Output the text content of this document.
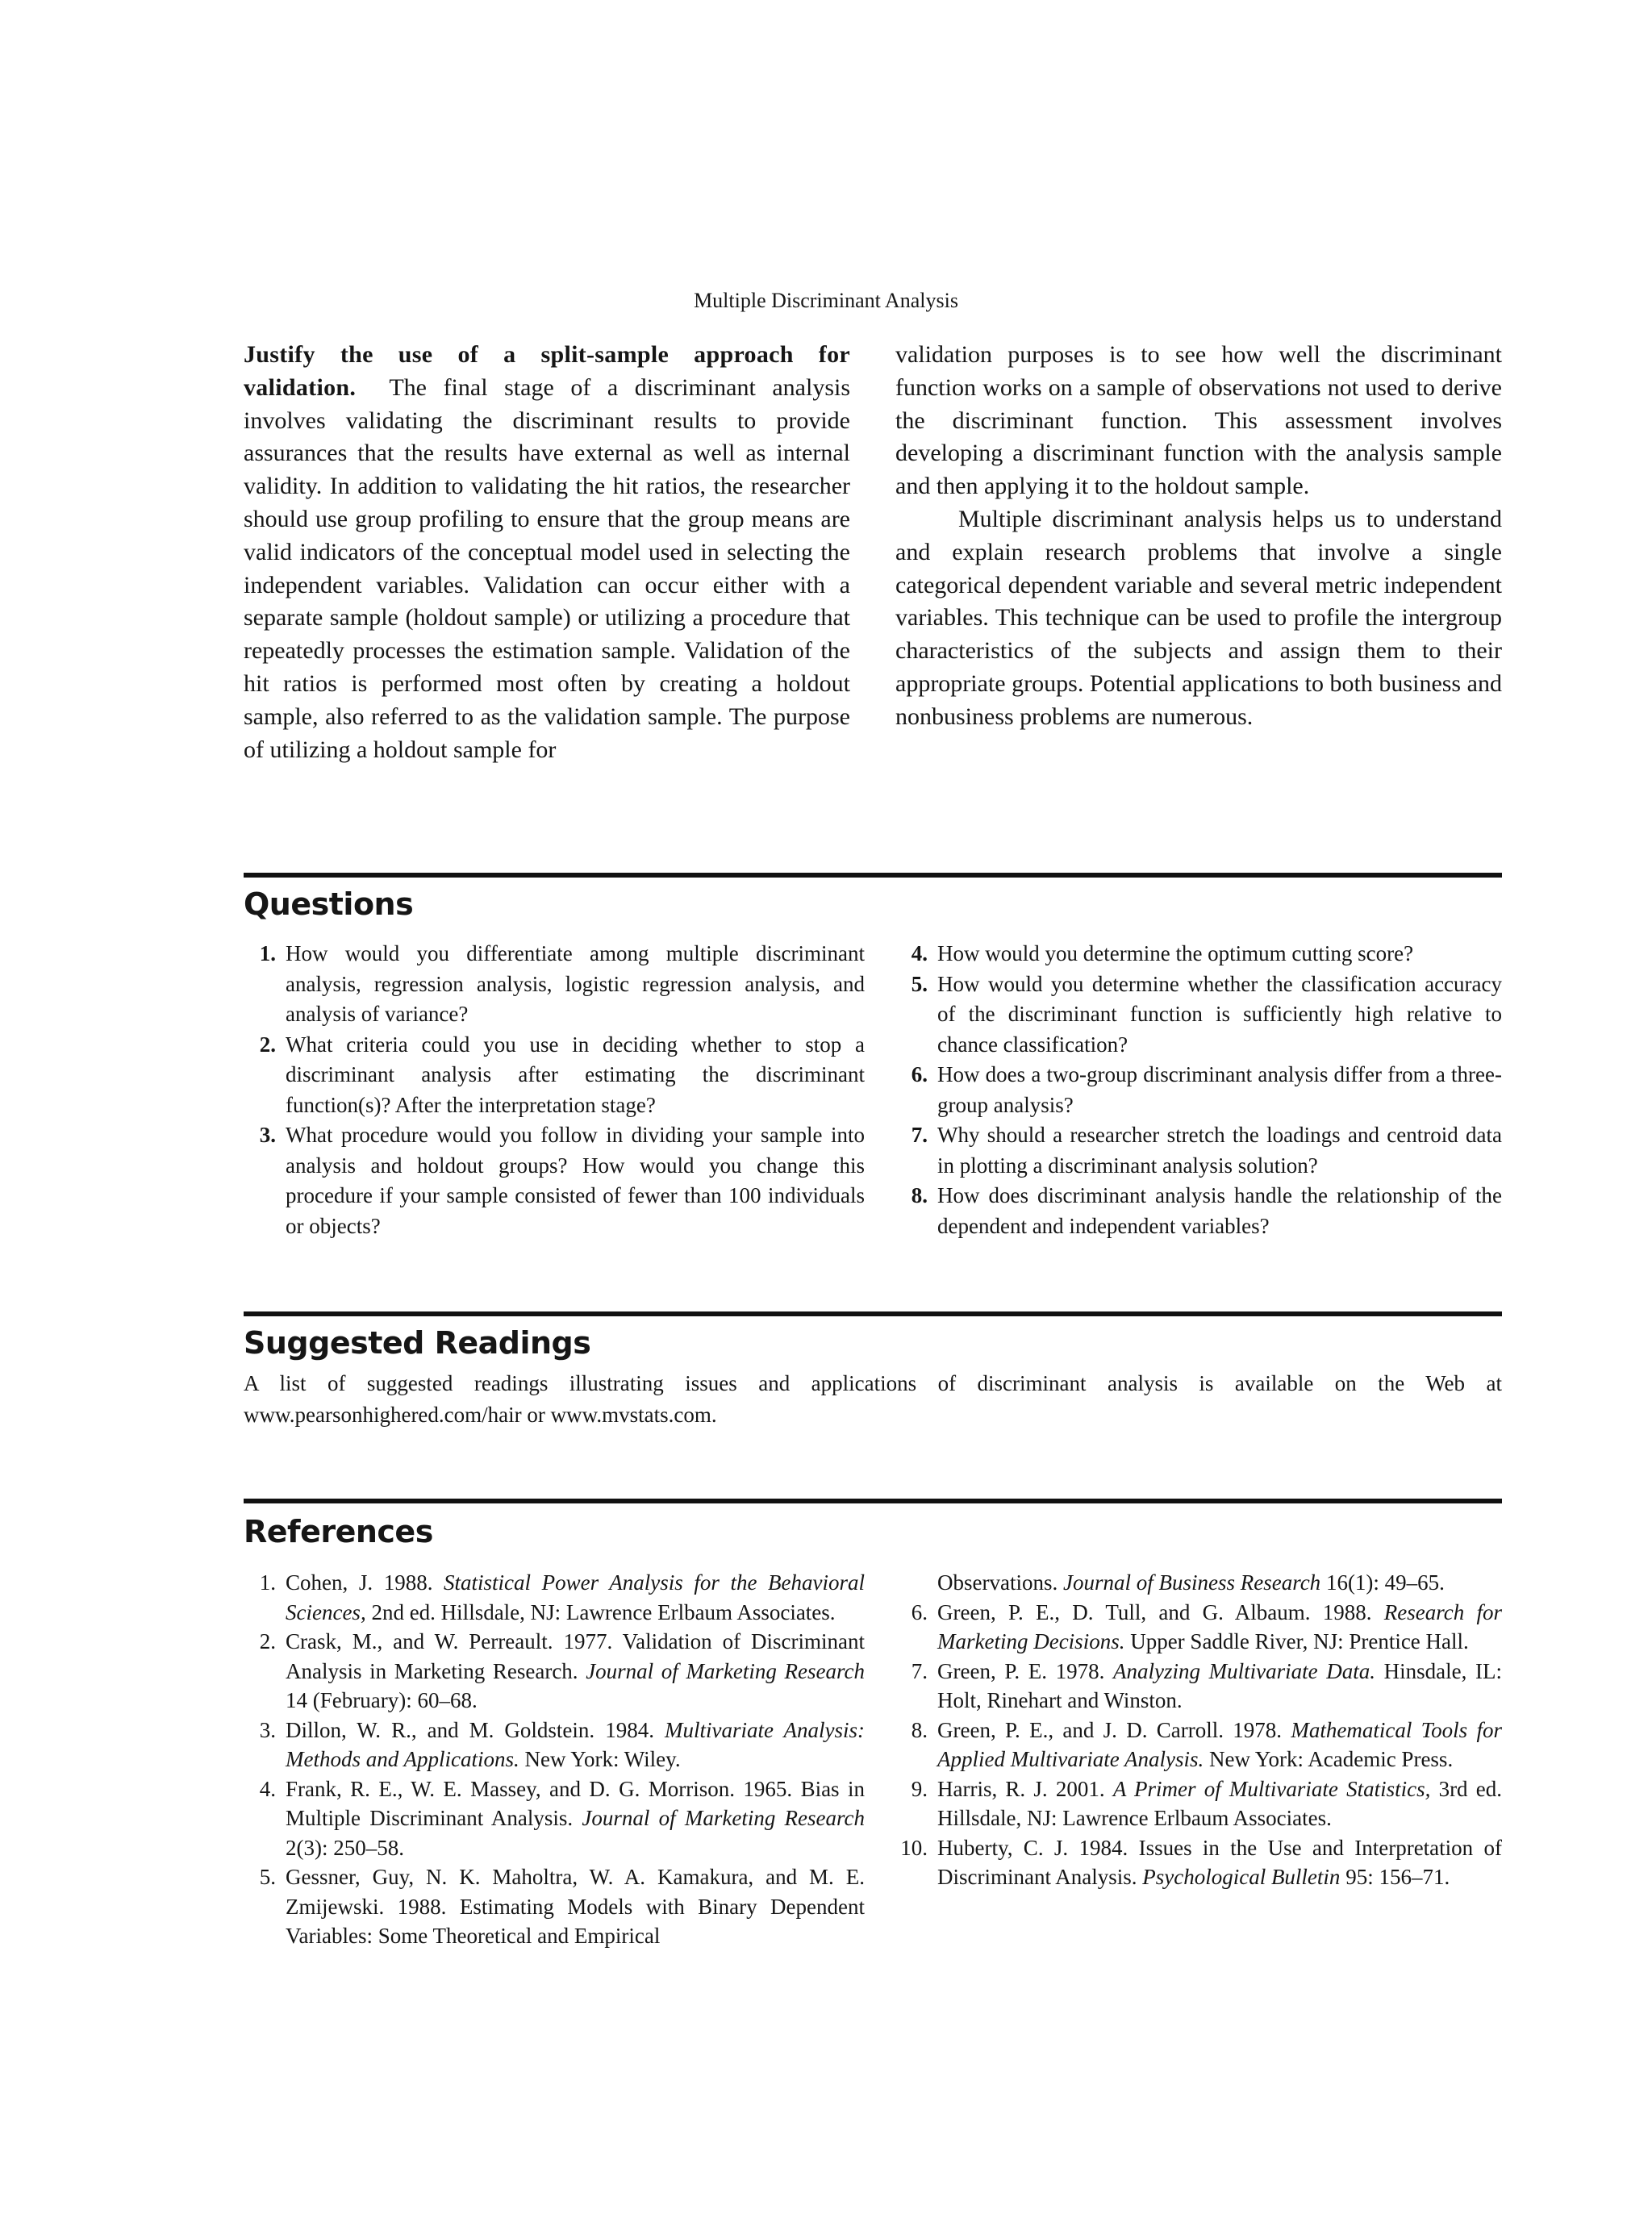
Multiple Discriminant Analysis

Justify the use of a split-sample approach for validation. The final stage of a discriminant analysis involves validating the discriminant results to provide assurances that the results have external as well as internal validity. In addition to validating the hit ratios, the researcher should use group profiling to ensure that the group means are valid indicators of the conceptual model used in selecting the independent variables. Validation can occur either with a separate sample (holdout sample) or utilizing a procedure that repeatedly processes the estimation sample. Validation of the hit ratios is performed most often by creating a holdout sample, also referred to as the validation sample. The purpose of utilizing a holdout sample for

validation purposes is to see how well the discriminant function works on a sample of observations not used to derive the discriminant function. This assessment involves developing a discriminant function with the analysis sample and then applying it to the holdout sample.

Multiple discriminant analysis helps us to understand and explain research problems that involve a single categorical dependent variable and several metric independent variables. This technique can be used to profile the intergroup characteristics of the subjects and assign them to their appropriate groups. Potential applications to both business and nonbusiness problems are numerous.

Questions
1. How would you differentiate among multiple discriminant analysis, regression analysis, logistic regression analysis, and analysis of variance?
2. What criteria could you use in deciding whether to stop a discriminant analysis after estimating the discriminant function(s)? After the interpretation stage?
3. What procedure would you follow in dividing your sample into analysis and holdout groups? How would you change this procedure if your sample consisted of fewer than 100 individuals or objects?
4. How would you determine the optimum cutting score?
5. How would you determine whether the classification accuracy of the discriminant function is sufficiently high relative to chance classification?
6. How does a two-group discriminant analysis differ from a three-group analysis?
7. Why should a researcher stretch the loadings and centroid data in plotting a discriminant analysis solution?
8. How does discriminant analysis handle the relationship of the dependent and independent variables?
Suggested Readings
A list of suggested readings illustrating issues and applications of discriminant analysis is available on the Web at www.pearsonhighered.com/hair or www.mvstats.com.
References
1. Cohen, J. 1988. Statistical Power Analysis for the Behavioral Sciences, 2nd ed. Hillsdale, NJ: Lawrence Erlbaum Associates.
2. Crask, M., and W. Perreault. 1977. Validation of Discriminant Analysis in Marketing Research. Journal of Marketing Research 14 (February): 60–68.
3. Dillon, W. R., and M. Goldstein. 1984. Multivariate Analysis: Methods and Applications. New York: Wiley.
4. Frank, R. E., W. E. Massey, and D. G. Morrison. 1965. Bias in Multiple Discriminant Analysis. Journal of Marketing Research 2(3): 250–58.
5. Gessner, Guy, N. K. Maholtra, W. A. Kamakura, and M. E. Zmijewski. 1988. Estimating Models with Binary Dependent Variables: Some Theoretical and Empirical
Observations. Journal of Business Research 16(1): 49–65.
6. Green, P. E., D. Tull, and G. Albaum. 1988. Research for Marketing Decisions. Upper Saddle River, NJ: Prentice Hall.
7. Green, P. E. 1978. Analyzing Multivariate Data. Hinsdale, IL: Holt, Rinehart and Winston.
8. Green, P. E., and J. D. Carroll. 1978. Mathematical Tools for Applied Multivariate Analysis. New York: Academic Press.
9. Harris, R. J. 2001. A Primer of Multivariate Statistics, 3rd ed. Hillsdale, NJ: Lawrence Erlbaum Associates.
10. Huberty, C. J. 1984. Issues in the Use and Interpretation of Discriminant Analysis. Psychological Bulletin 95: 156–71.
